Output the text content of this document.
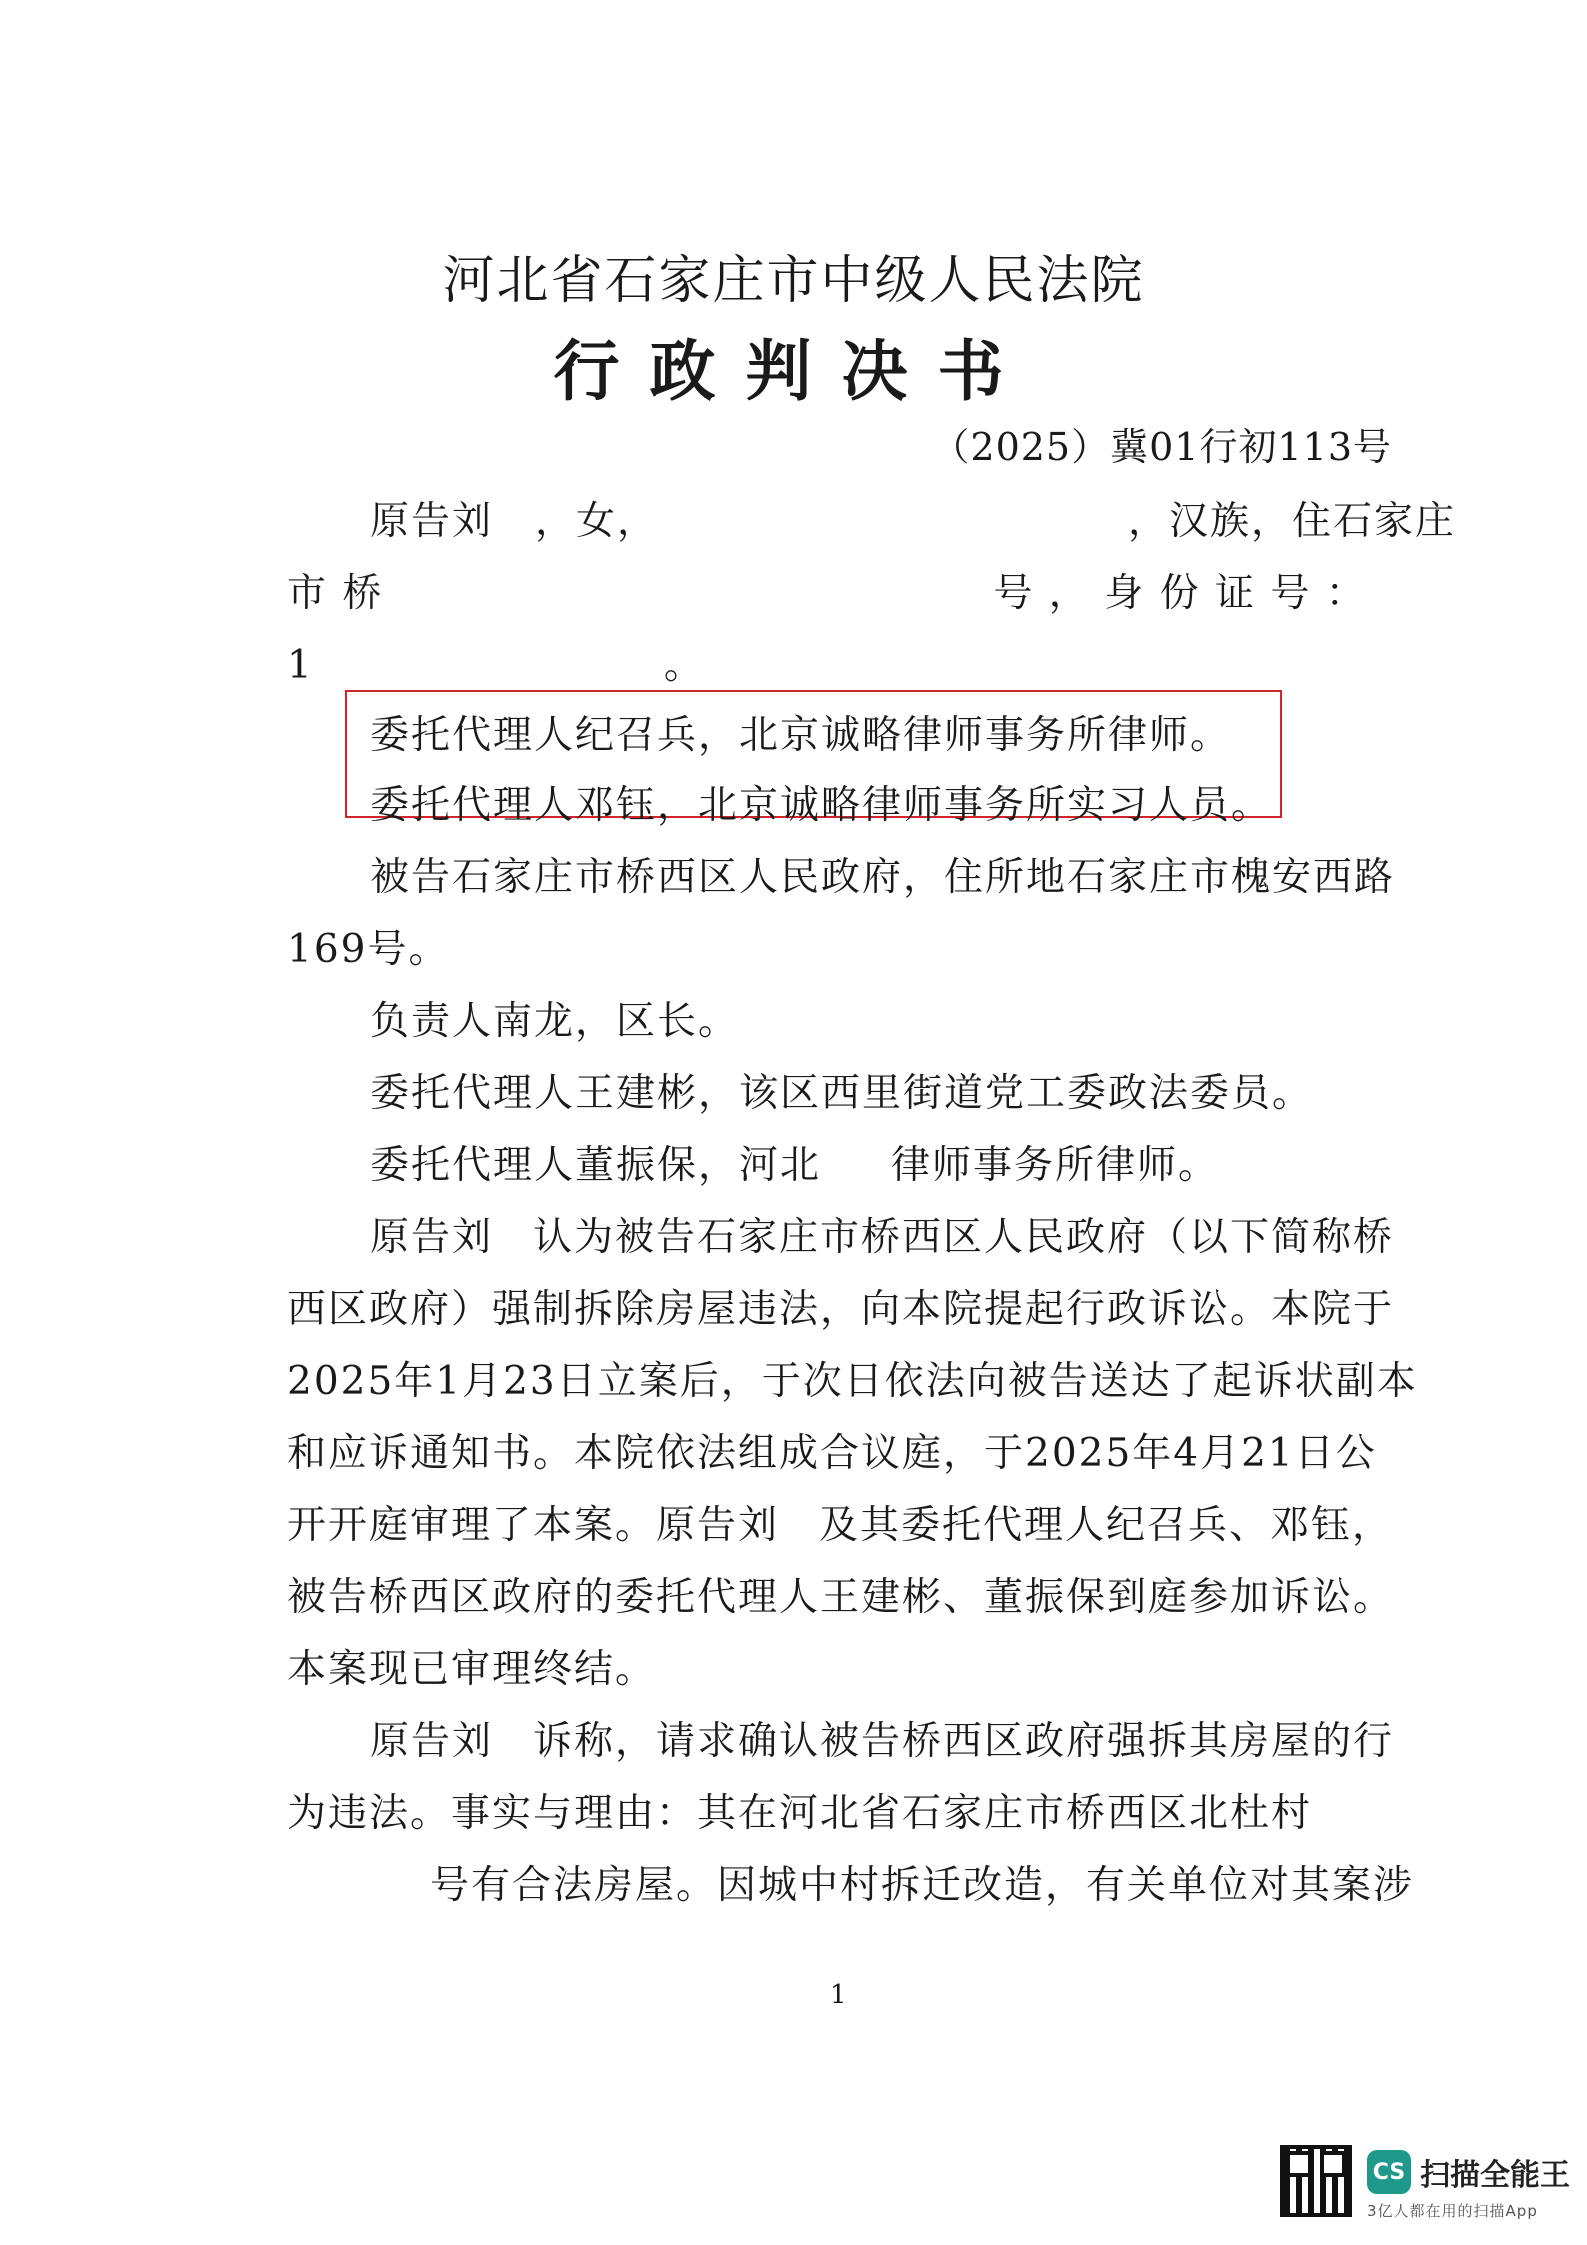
河北省石家庄市中级人民法院
行政判决书
（2025）冀01行初113号
原告刘 ，女，	，汉族，住石家庄
市 桥	号 ， 身 份 证 号 ：
1	。
委托代理人纪召兵，北京诚略律师事务所律师。
委托代理人邓钰，北京诚略律师事务所实习人员。
被告石家庄市桥西区人民政府，住所地石家庄市槐安西路
169号。
负责人南龙，区长。
委托代理人王建彬，该区西里街道党工委政法委员。
委托代理人董振保，河北 律师事务所律师。
原告刘 认为被告石家庄市桥西区人民政府（以下简称桥
西区政府）强制拆除房屋违法，向本院提起行政诉讼。本院于
2025年1月23日立案后，于次日依法向被告送达了起诉状副本
和应诉通知书。本院依法组成合议庭，于2025年4月21日公
开开庭审理了本案。原告刘 及其委托代理人纪召兵、邓钰，
被告桥西区政府的委托代理人王建彬、董振保到庭参加诉讼。
本案现已审理终结。
原告刘 诉称，请求确认被告桥西区政府强拆其房屋的行
为违法。事实与理由：其在河北省石家庄市桥西区北杜村
号有合法房屋。因城中村拆迁改造，有关单位对其案涉
1
CS 扫描全能王
3亿人都在用的扫描App
